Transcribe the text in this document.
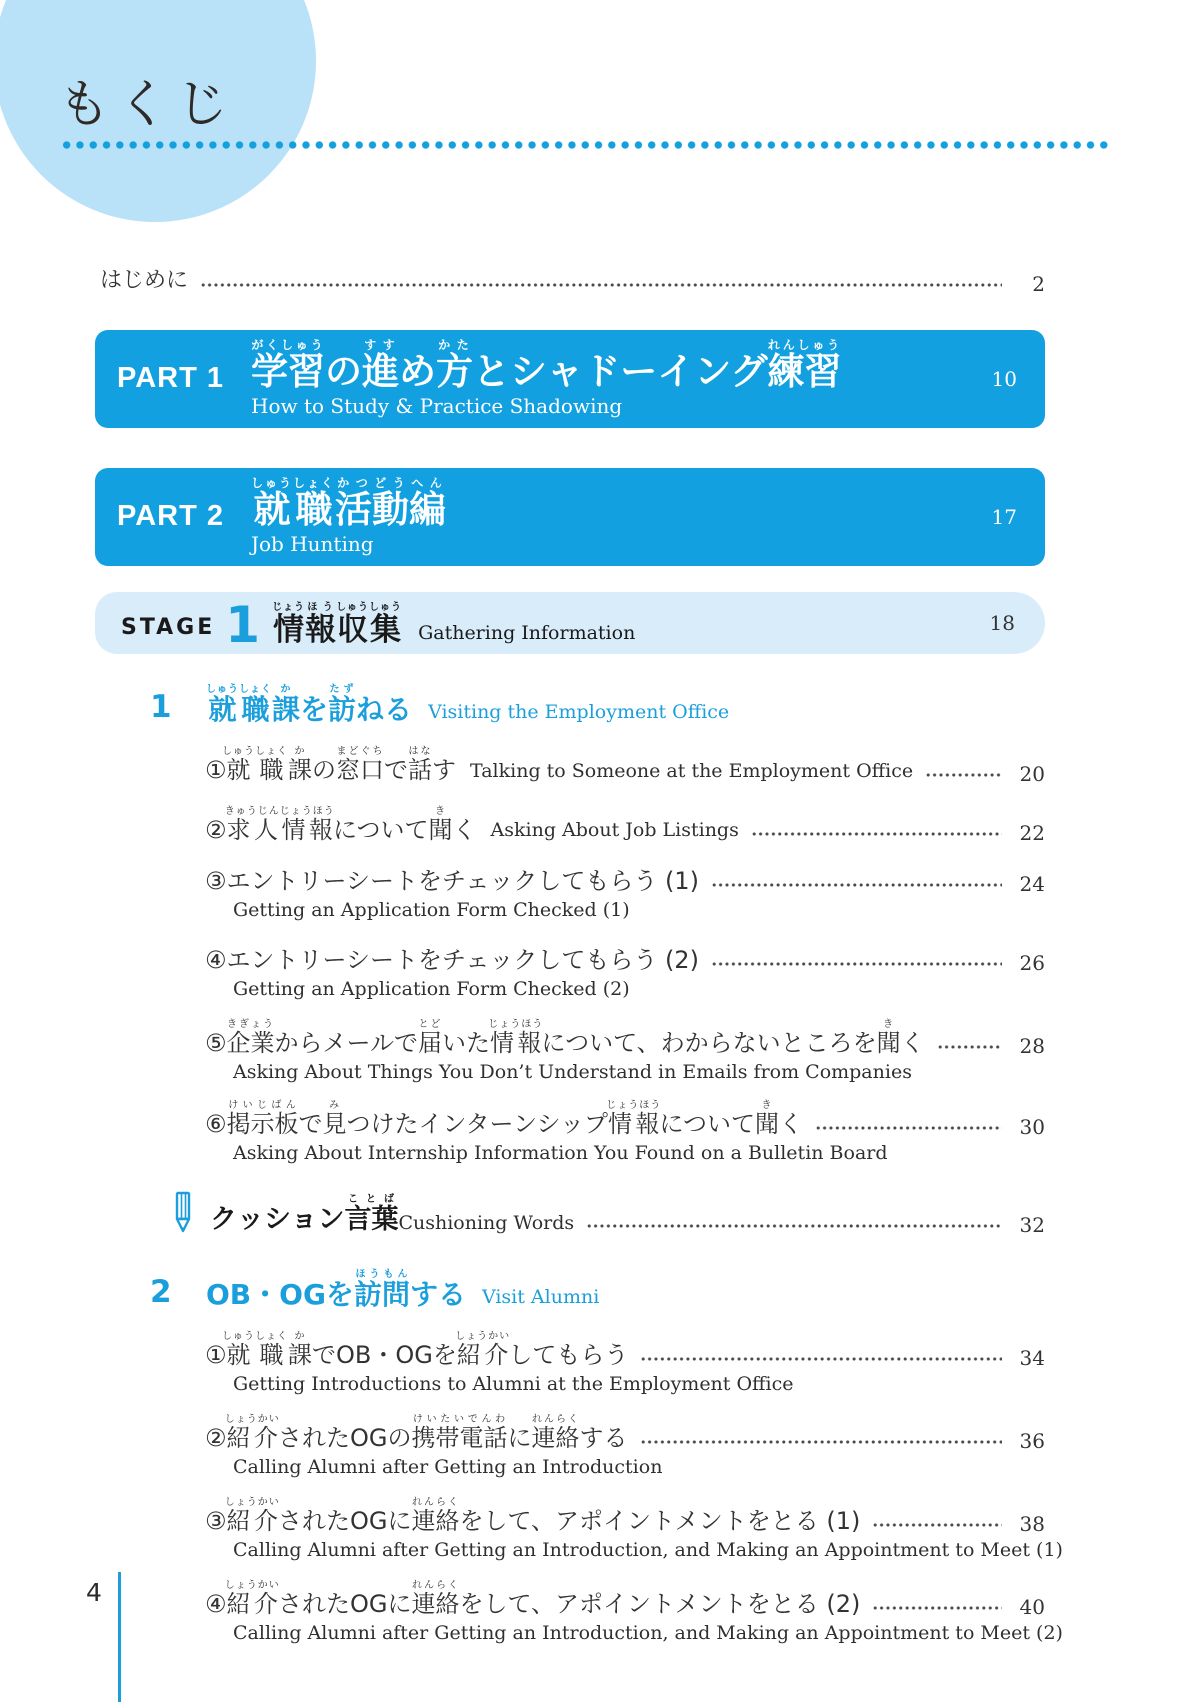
もくじ
はじめに	2
PART 1 学習がくしゅうの進すすめ方かたとシャドーイング練習れんしゅう
How to Study & Practice Shadowing
10
PART 2 就職しゅうしょく活かつ動どう編へん
Job Hunting
17
STAGE 1 情じょう報ほう収集しゅうしゅう
Gathering Information	18
1	就職しゅうしょく課かを訪たずねる Visiting the Employment Office
①就職しゅうしょく課かの窓口まどぐちで話はなす Talking to Someone at the Employment Office	20
②求人きゅうじん情報じょうほうについて聞きく Asking About Job Listings	22
③エントリーシートをチェックしてもらう (1)	24
Getting an Application Form Checked (1)
④エントリーシートをチェックしてもらう (2)	26
Getting an Application Form Checked (2)
⑤企業きぎょうからメールで届とどいた情報じょうほうについて、わからないところを聞きく	28
Asking About Things You Don’t Understand in Emails from Companies
⑥掲示板けいじばんで見みつけたインターンシップ情報じょうほうについて聞きく	30
Asking About Internship Information You Found on a Bulletin Board
クッション言葉ことば
Cushioning Words	32
2	OB・OGを訪問ほうもんする Visit Alumni
①就職しゅうしょく課かでOB・OGを紹介しょうかいしてもらう	34
Getting Introductions to Alumni at the Employment Office
②紹介しょうかいされたOGの携帯電話けいたいでんわに連絡れんらくする	36
Calling Alumni after Getting an Introduction
③紹介しょうかいされたOGに連絡れんらくをして、アポイントメントをとる (1)	38
Calling Alumni after Getting an Introduction, and Making an Appointment to Meet (1)
④紹介しょうかいされたOGに連絡れんらくをして、アポイントメントをとる (2)	40
Calling Alumni after Getting an Introduction, and Making an Appointment to Meet (2)
4
